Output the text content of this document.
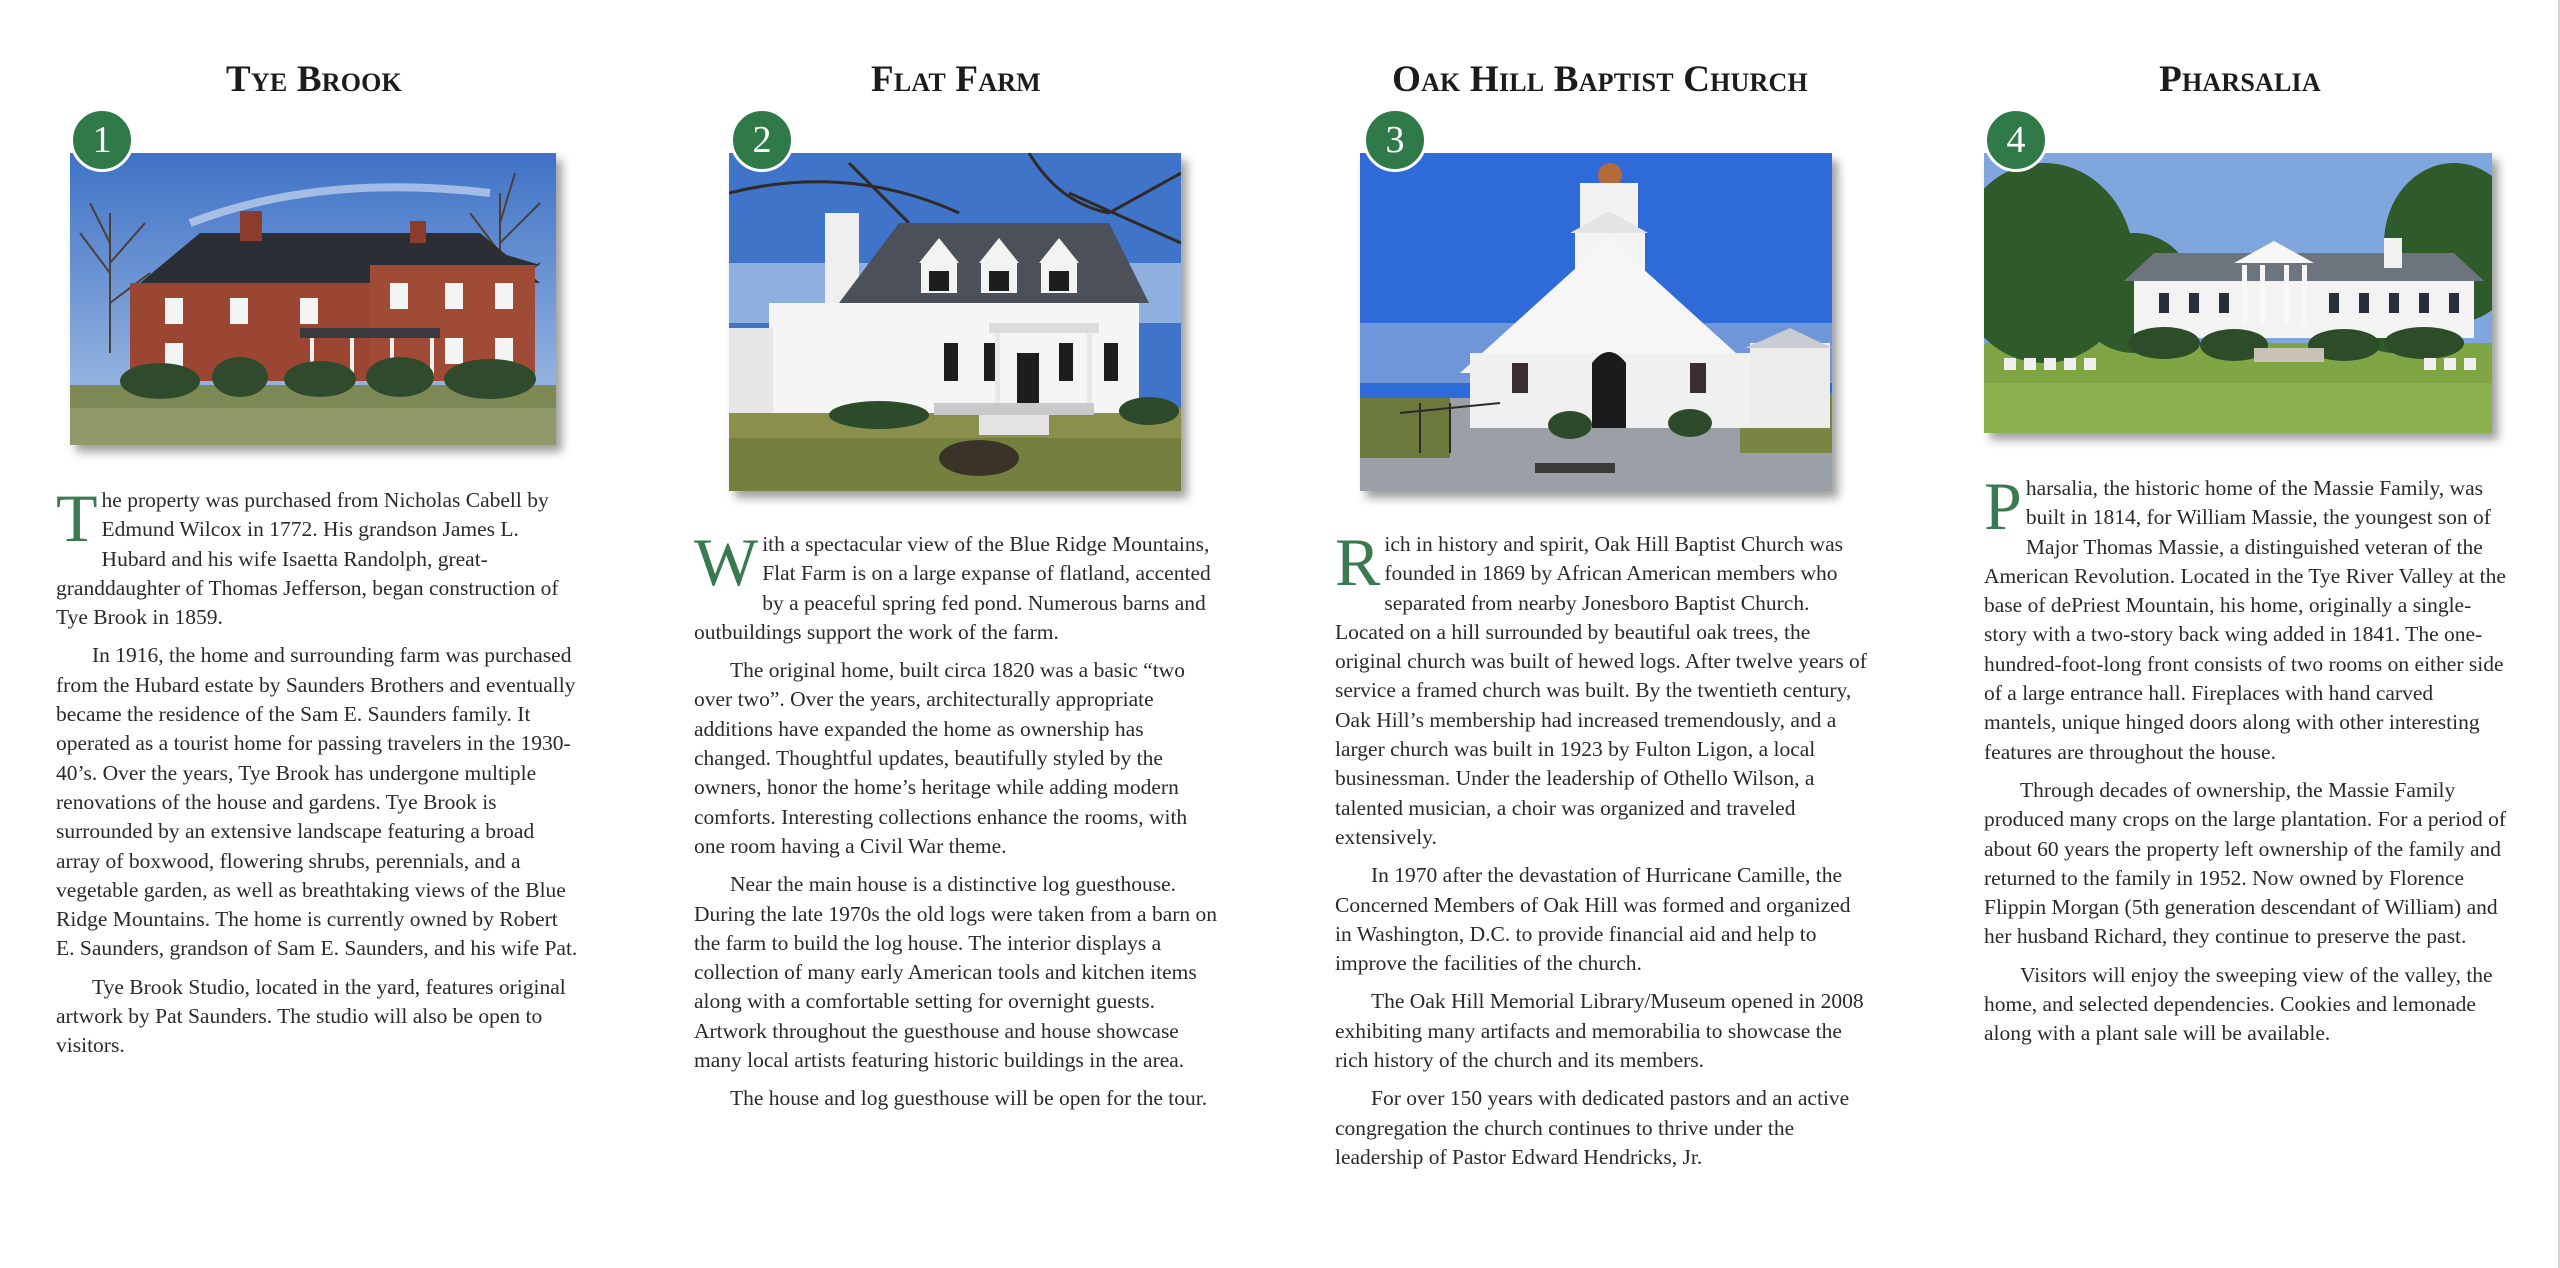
Tye Brook
1

The property was purchased from Nicholas Cabell by Edmund Wilcox in 1772. His grandson James L. Hubard and his wife Isaetta Randolph, great-granddaughter of Thomas Jefferson, began construction of Tye Brook in 1859.

In 1916, the home and surrounding farm was purchased from the Hubard estate by Saunders Brothers and eventually became the residence of the Sam E. Saunders family. It operated as a tourist home for passing travelers in the 1930-40’s. Over the years, Tye Brook has undergone multiple renovations of the house and gardens. Tye Brook is surrounded by an extensive landscape featuring a broad array of boxwood, flowering shrubs, perennials, and a vegetable garden, as well as breathtaking views of the Blue Ridge Mountains. The home is currently owned by Robert E. Saunders, grandson of Sam E. Saunders, and his wife Pat.

Tye Brook Studio, located in the yard, features original artwork by Pat Saunders. The studio will also be open to visitors.

Flat Farm
2

With a spectacular view of the Blue Ridge Mountains, Flat Farm is on a large expanse of flatland, accented by a peaceful spring fed pond. Numerous barns and outbuildings support the work of the farm.

The original home, built circa 1820 was a basic “two over two”. Over the years, architecturally appropriate additions have expanded the home as ownership has changed. Thoughtful updates, beautifully styled by the owners, honor the home’s heritage while adding modern comforts. Interesting collections enhance the rooms, with one room having a Civil War theme.

Near the main house is a distinctive log guesthouse. During the late 1970s the old logs were taken from a barn on the farm to build the log house. The interior displays a collection of many early American tools and kitchen items along with a comfortable setting for overnight guests. Artwork throughout the guesthouse and house showcase many local artists featuring historic buildings in the area.

The house and log guesthouse will be open for the tour.

Oak Hill Baptist Church
3

Rich in history and spirit, Oak Hill Baptist Church was founded in 1869 by African American members who separated from nearby Jonesboro Baptist Church. Located on a hill surrounded by beautiful oak trees, the original church was built of hewed logs. After twelve years of service a framed church was built. By the twentieth century, Oak Hill’s membership had increased tremendously, and a larger church was built in 1923 by Fulton Ligon, a local businessman. Under the leadership of Othello Wilson, a talented musician, a choir was organized and traveled extensively.

In 1970 after the devastation of Hurricane Camille, the Concerned Members of Oak Hill was formed and organized in Washington, D.C. to provide financial aid and help to improve the facilities of the church.

The Oak Hill Memorial Library/Museum opened in 2008 exhibiting many artifacts and memorabilia to showcase the rich history of the church and its members.

For over 150 years with dedicated pastors and an active congregation the church continues to thrive under the leadership of Pastor Edward Hendricks, Jr.

Pharsalia
4

Pharsalia, the historic home of the Massie Family, was built in 1814, for William Massie, the youngest son of Major Thomas Massie, a distinguished veteran of the American Revolution. Located in the Tye River Valley at the base of dePriest Mountain, his home, originally a single-story with a two-story back wing added in 1841. The one-hundred-foot-long front consists of two rooms on either side of a large entrance hall. Fireplaces with hand carved mantels, unique hinged doors along with other interesting features are throughout the house.

Through decades of ownership, the Massie Family produced many crops on the large plantation. For a period of about 60 years the property left ownership of the family and returned to the family in 1952. Now owned by Florence Flippin Morgan (5th generation descendant of William) and her husband Richard, they continue to preserve the past.

Visitors will enjoy the sweeping view of the valley, the home, and selected dependencies. Cookies and lemonade along with a plant sale will be available.
